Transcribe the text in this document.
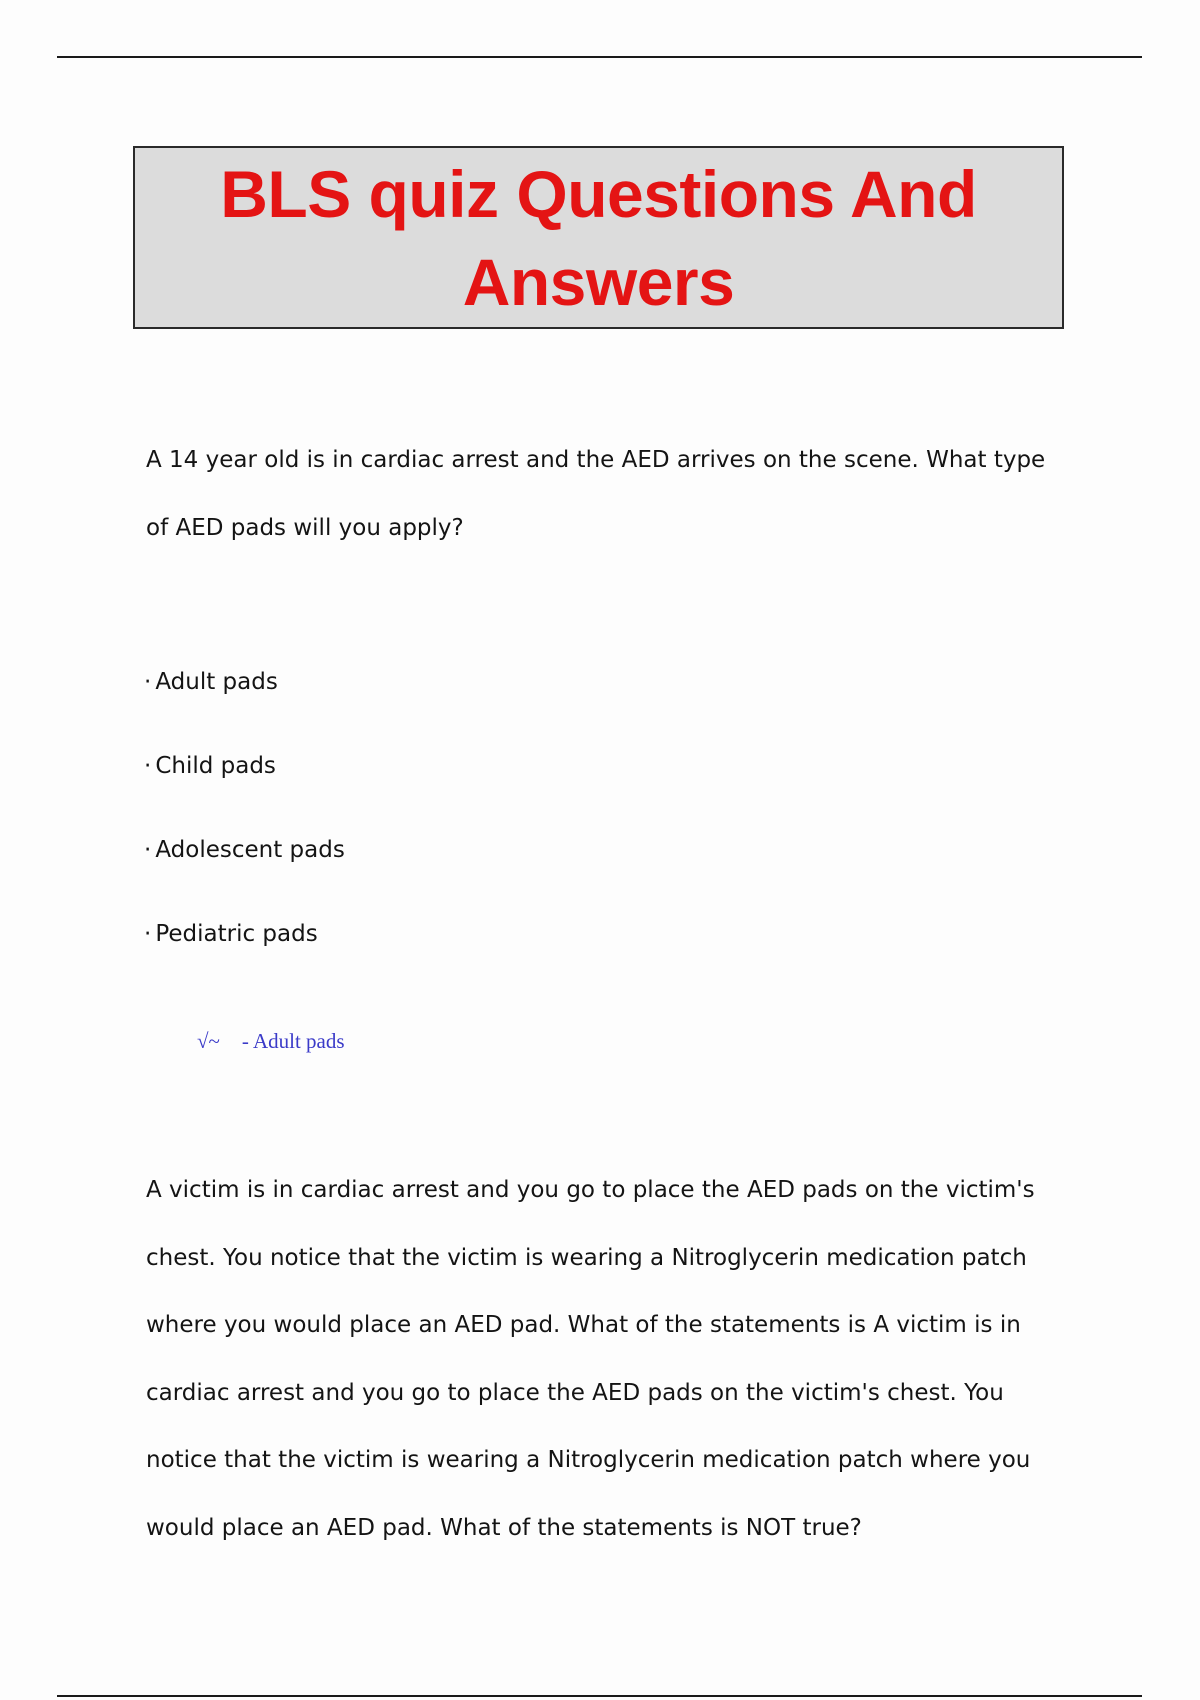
BLS quiz Questions And Answers

A 14 year old is in cardiac arrest and the AED arrives on the scene. What type of AED pads will you apply?

· Adult pads
· Child pads
· Adolescent pads
· Pediatric pads
√~ - Adult pads

A victim is in cardiac arrest and you go to place the AED pads on the victim's chest. You notice that the victim is wearing a Nitroglycerin medication patch where you would place an AED pad. What of the statements is A victim is in cardiac arrest and you go to place the AED pads on the victim's chest. You notice that the victim is wearing a Nitroglycerin medication patch where you would place an AED pad. What of the statements is NOT true?
